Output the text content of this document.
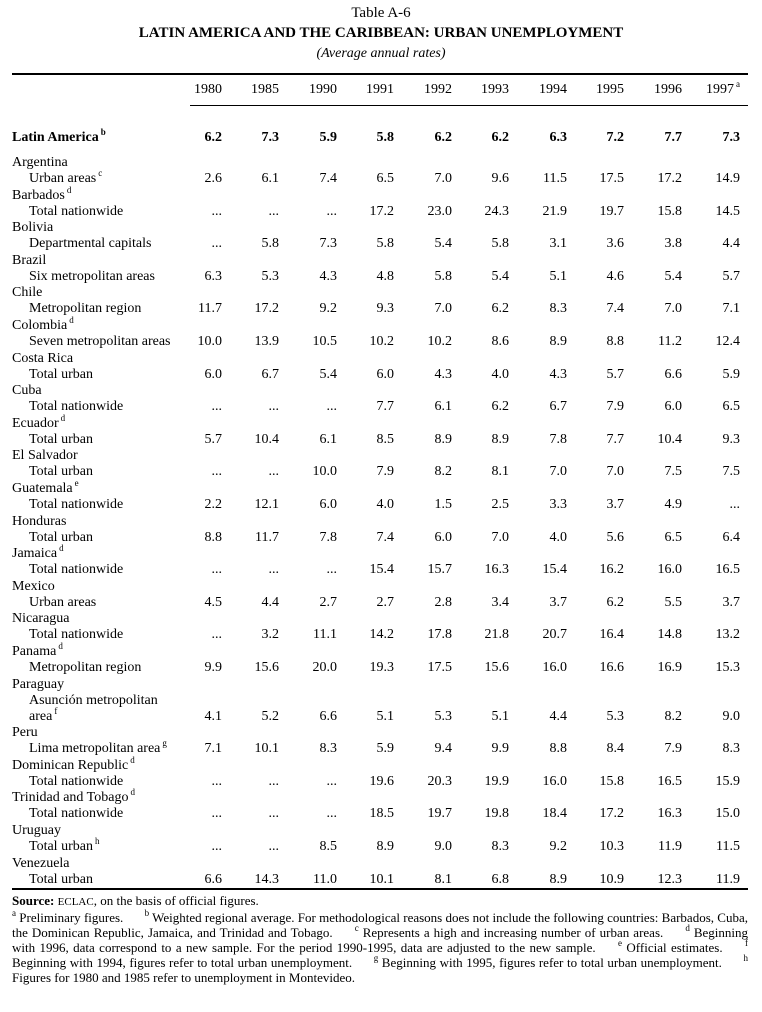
Table A-6
LATIN AMERICA AND THE CARIBBEAN: URBAN UNEMPLOYMENT
(Average annual rates)
1980	1985	1990	1991	1992	1993	1994	1995	1996	1997 $^a$
Latin America $^b$	6.2	7.3	5.9	5.8	6.2	6.2	6.3	7.2	7.7	7.3
Argentina
Urban areas $^c$	2.6	6.1	7.4	6.5	7.0	9.6	11.5	17.5	17.2	14.9
Barbados $^d$
Total nationwide	...	...	...	17.2	23.0	24.3	21.9	19.7	15.8	14.5
Bolivia
Departmental capitals	...	5.8	7.3	5.8	5.4	5.8	3.1	3.6	3.8	4.4
Brazil
Six metropolitan areas	6.3	5.3	4.3	4.8	5.8	5.4	5.1	4.6	5.4	5.7
Chile
Metropolitan region	11.7	17.2	9.2	9.3	7.0	6.2	8.3	7.4	7.0	7.1
Colombia $^d$
Seven metropolitan areas	10.0	13.9	10.5	10.2	10.2	8.6	8.9	8.8	11.2	12.4
Costa Rica
Total urban	6.0	6.7	5.4	6.0	4.3	4.0	4.3	5.7	6.6	5.9
Cuba
Total nationwide	...	...	...	7.7	6.1	6.2	6.7	7.9	6.0	6.5
Ecuador $^d$
Total urban	5.7	10.4	6.1	8.5	8.9	8.9	7.8	7.7	10.4	9.3
El Salvador
Total urban	...	...	10.0	7.9	8.2	8.1	7.0	7.0	7.5	7.5
Guatemala $^e$
Total nationwide	2.2	12.1	6.0	4.0	1.5	2.5	3.3	3.7	4.9	...
Honduras
Total urban	8.8	11.7	7.8	7.4	6.0	7.0	4.0	5.6	6.5	6.4
Jamaica $^d$
Total nationwide	...	...	...	15.4	15.7	16.3	15.4	16.2	16.0	16.5
Mexico
Urban areas	4.5	4.4	2.7	2.7	2.8	3.4	3.7	6.2	5.5	3.7
Nicaragua
Total nationwide	...	3.2	11.1	14.2	17.8	21.8	20.7	16.4	14.8	13.2
Panama $^d$
Metropolitan region	9.9	15.6	20.0	19.3	17.5	15.6	16.0	16.6	16.9	15.3
Paraguay
Asunción metropolitan
area $^f$	4.1	5.2	6.6	5.1	5.3	5.1	4.4	5.3	8.2	9.0
Peru
Lima metropolitan area $^g$	7.1	10.1	8.3	5.9	9.4	9.9	8.8	8.4	7.9	8.3
Dominican Republic $^d$
Total nationwide	...	...	...	19.6	20.3	19.9	16.0	15.8	16.5	15.9
Trinidad and Tobago $^d$
Total nationwide	...	...	...	18.5	19.7	19.8	18.4	17.2	16.3	15.0
Uruguay
Total urban $^h$	...	...	8.5	8.9	9.0	8.3	9.2	10.3	11.9	11.5
Venezuela
Total urban	6.6	14.3	11.0	10.1	8.1	6.8	8.9	10.9	12.3	11.9

Source: ECLAC, on the basis of official figures.

$^a$ Preliminary figures. $^b$ Weighted regional average. For methodological reasons does not include the following countries: Barbados, Cuba, the Dominican Republic, Jamaica, and Trinidad and Tobago. $^c$ Represents a high and increasing number of urban areas. $^d$ Beginning with 1996, data correspond to a new sample. For the period 1990-1995, data are adjusted to the new sample. $^e$ Official estimates. $^f$ Beginning with 1994, figures refer to total urban unemployment. $^g$ Beginning with 1995, figures refer to total urban unemployment. $^h$ Figures for 1980 and 1985 refer to unemployment in Montevideo.
